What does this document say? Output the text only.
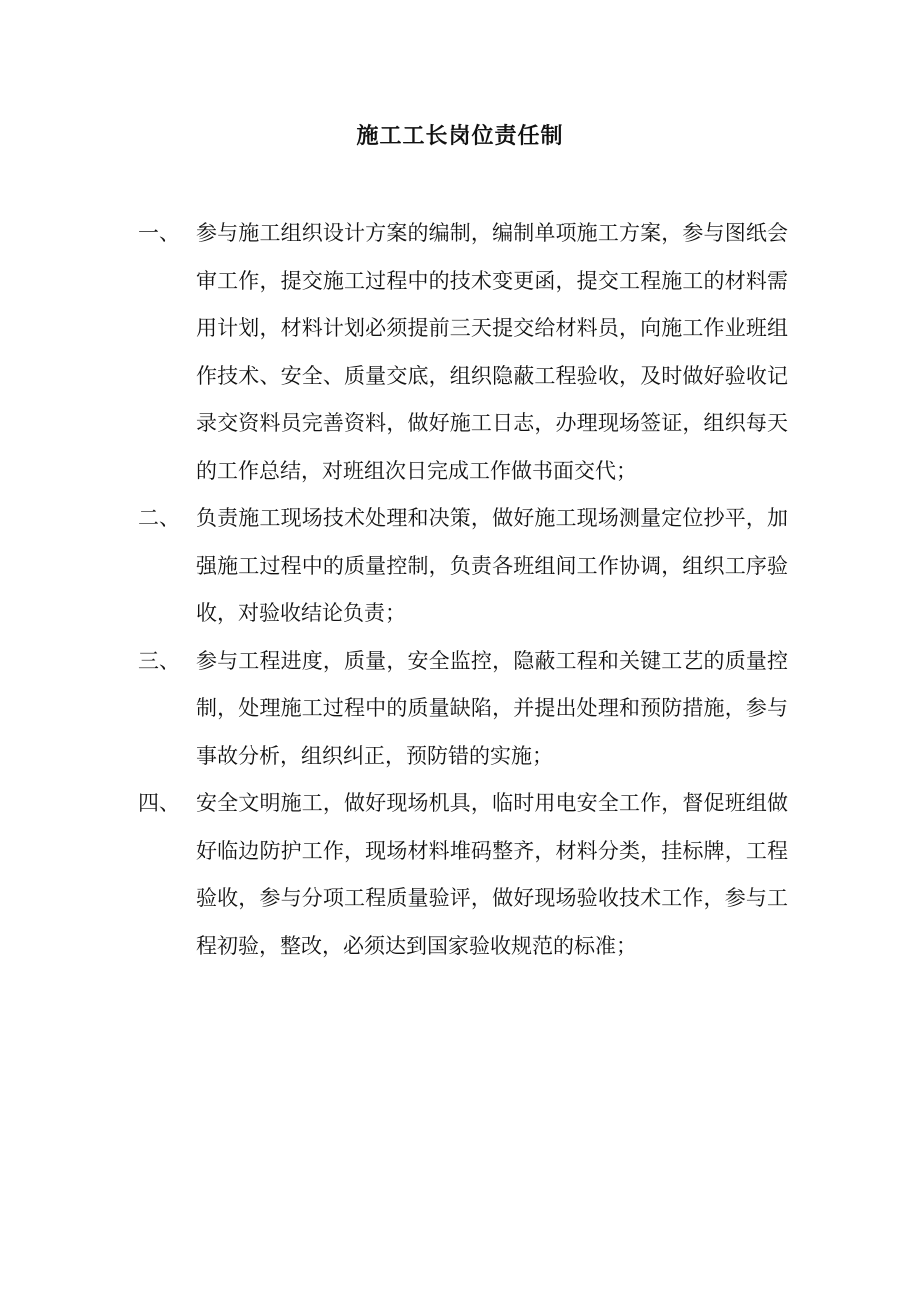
施工工长岗位责任制
一、 参与施工组织设计方案的编制，编制单项施工方案，参与图纸会审工作，提交施工过程中的技术变更函，提交工程施工的材料需用计划，材料计划必须提前三天提交给材料员，向施工作业班组作技术、安全、质量交底，组织隐蔽工程验收，及时做好验收记录交资料员完善资料，做好施工日志，办理现场签证，组织每天的工作总结，对班组次日完成工作做书面交代；
二、 负责施工现场技术处理和决策，做好施工现场测量定位抄平，加强施工过程中的质量控制，负责各班组间工作协调，组织工序验收，对验收结论负责；
三、 参与工程进度，质量，安全监控，隐蔽工程和关键工艺的质量控制，处理施工过程中的质量缺陷，并提出处理和预防措施，参与事故分析，组织纠正，预防错的实施；
四、 安全文明施工，做好现场机具，临时用电安全工作，督促班组做好临边防护工作，现场材料堆码整齐，材料分类，挂标牌，工程验收，参与分项工程质量验评，做好现场验收技术工作，参与工程初验，整改，必须达到国家验收规范的标准；
